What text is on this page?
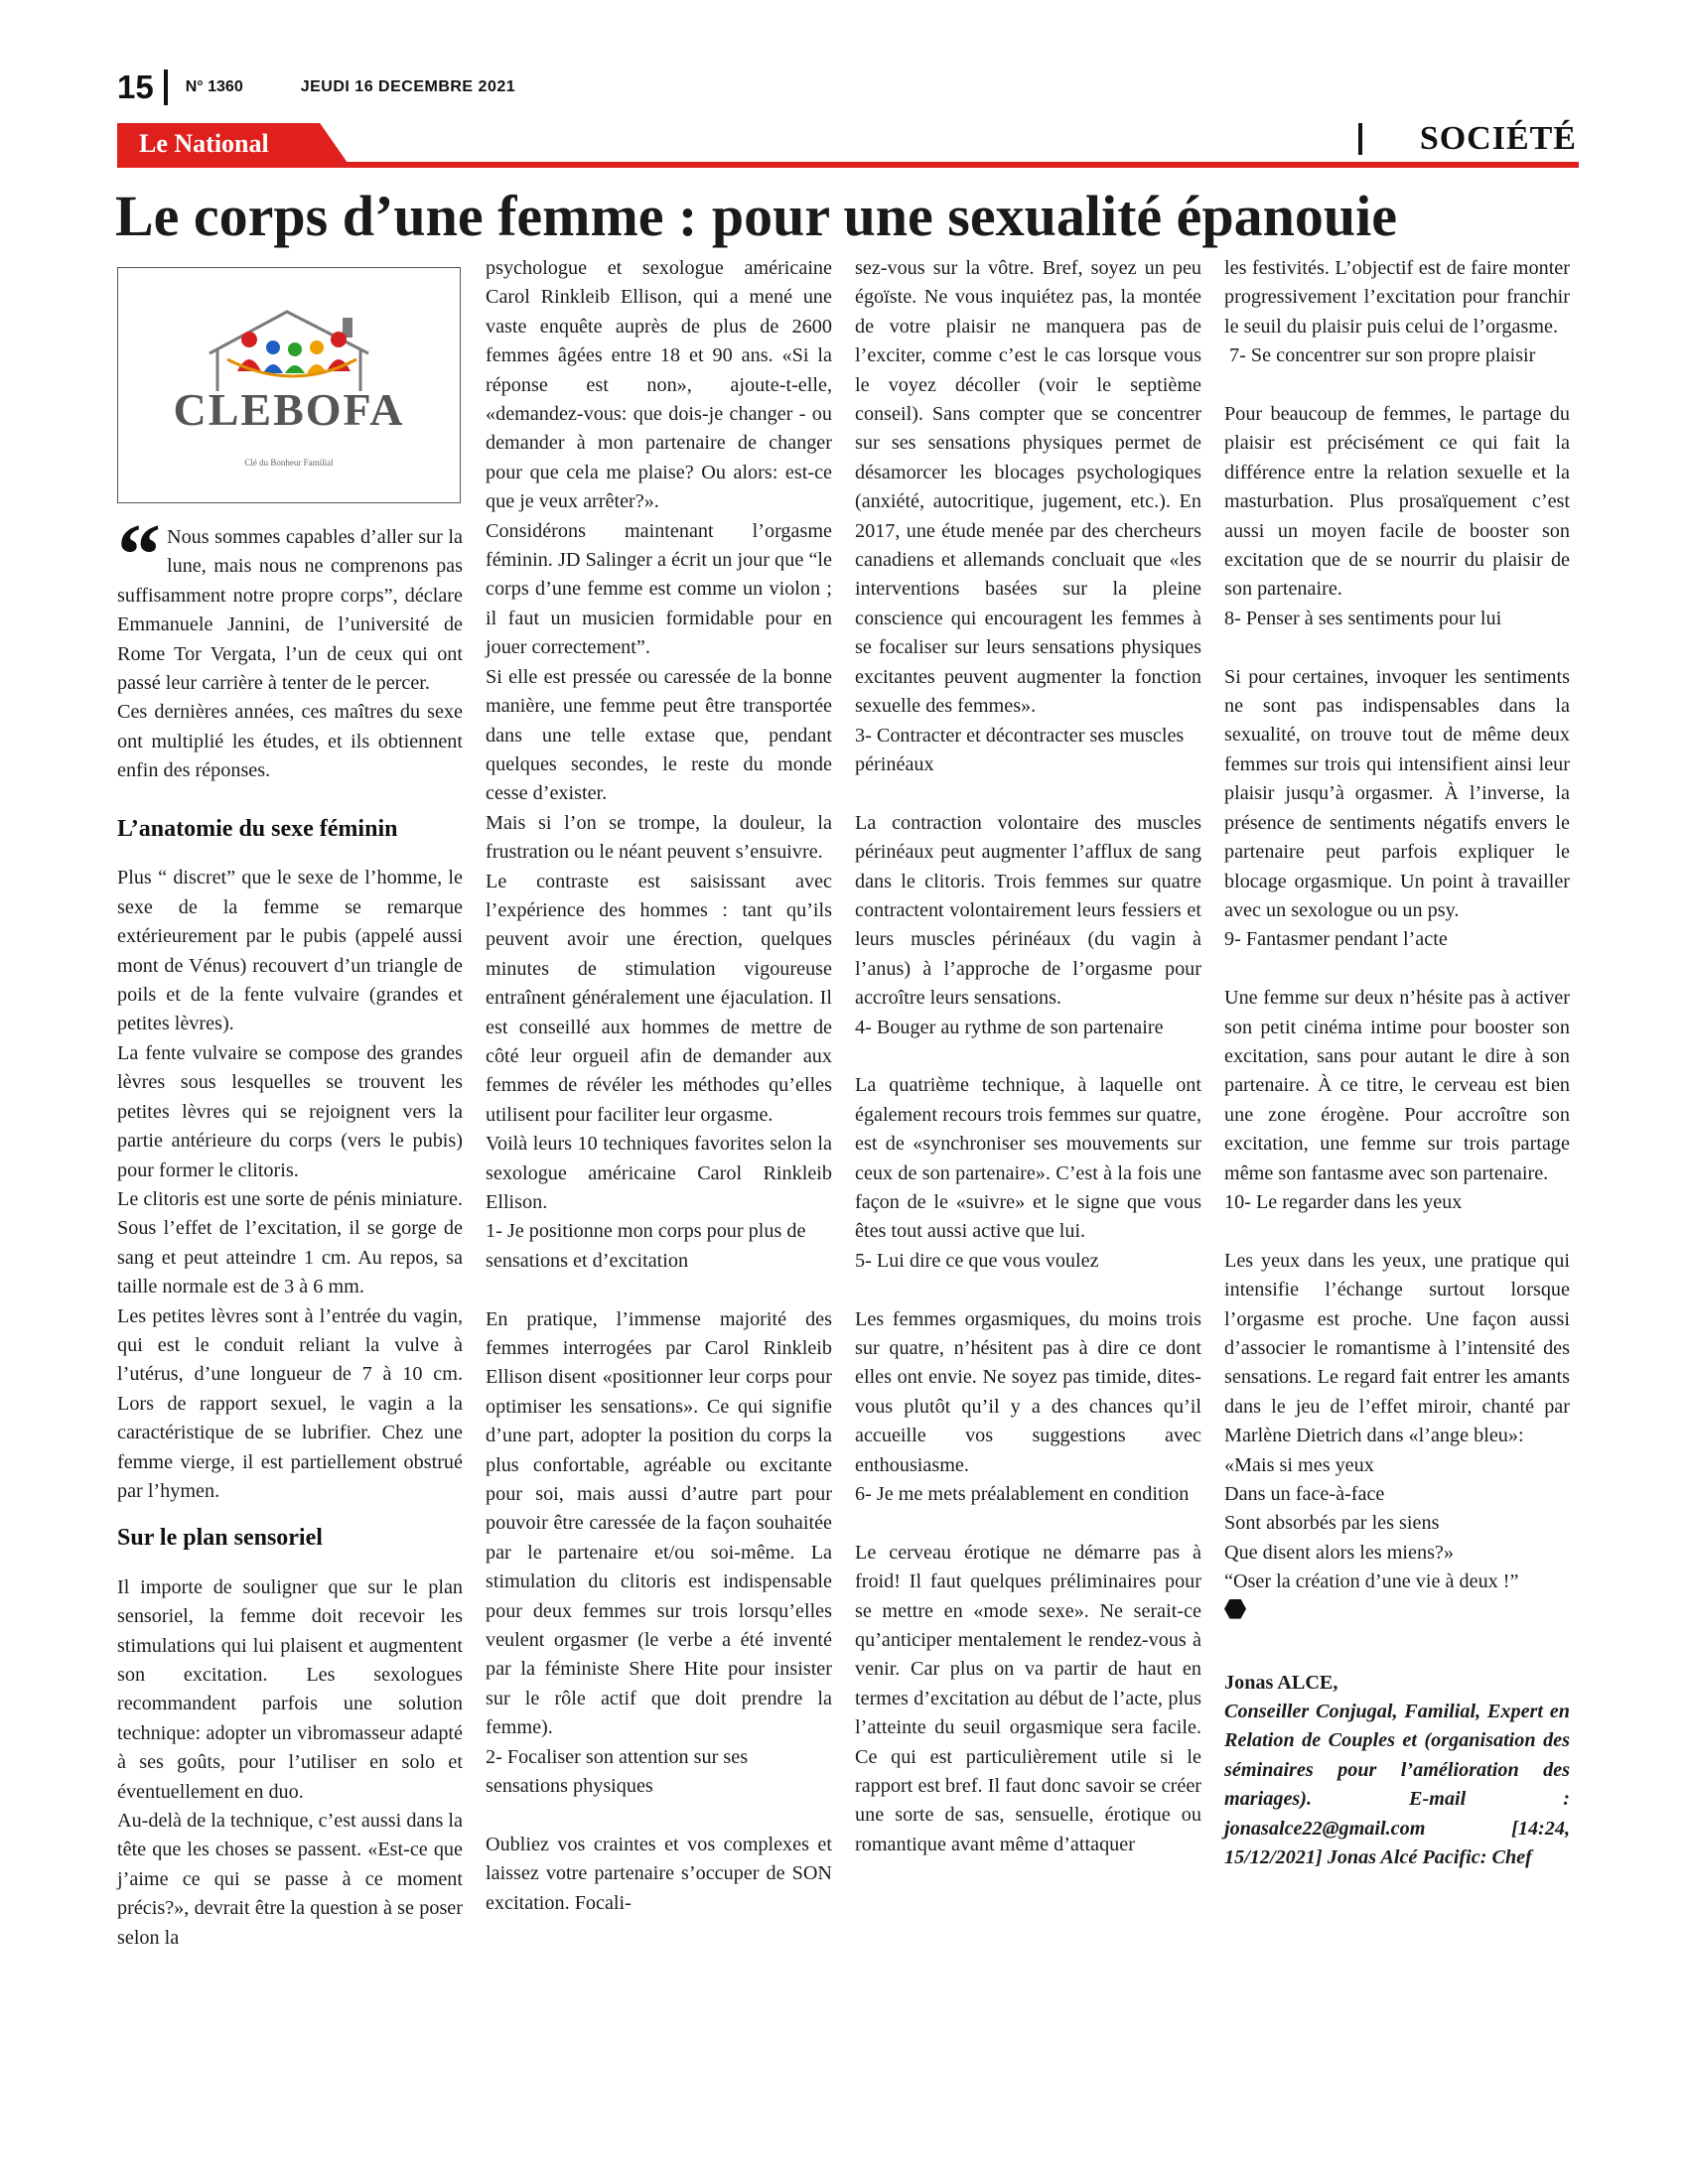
15 N° 1360	JEUDI 16 DECEMBRE 2021
Le National	SOCIÉTÉ
Le corps d’une femme : pour une sexualité épanouie
CLEBOFA
Clé du Bonheur Familial

“ Nous sommes capables d’aller sur la lune, mais nous ne comprenons pas suffisamment notre propre corps”, déclare Emmanuele Jannini, de l’université de Rome Tor Vergata, l’un de ceux qui ont passé leur carrière à tenter de le percer.

Ces dernières années, ces maîtres du sexe ont multiplié les études, et ils obtiennent enfin des réponses.

L’anatomie du sexe féminin

Plus “ discret” que le sexe de l’homme, le sexe de la femme se remarque extérieurement par le pubis (appelé aussi mont de Vénus) recouvert d’un triangle de poils et de la fente vulvaire (grandes et petites lèvres).

La fente vulvaire se compose des grandes lèvres sous lesquelles se trouvent les petites lèvres qui se rejoignent vers la partie antérieure du corps (vers le pubis) pour former le clitoris.

Le clitoris est une sorte de pénis miniature. Sous l’effet de l’excitation, il se gorge de sang et peut atteindre 1 cm. Au repos, sa taille normale est de 3 à 6 mm.

Les petites lèvres sont à l’entrée du vagin, qui est le conduit reliant la vulve à l’utérus, d’une longueur de 7 à 10 cm. Lors de rapport sexuel, le vagin a la caractéristique de se lubrifier. Chez une femme vierge, il est partiellement obstrué par l’hymen.

Sur le plan sensoriel

Il importe de souligner que sur le plan sensoriel, la femme doit recevoir les stimulations qui lui plaisent et augmentent son excitation. Les sexologues recommandent parfois une solution technique: adopter un vibromasseur adapté à ses goûts, pour l’utiliser en solo et éventuellement en duo.

Au-delà de la technique, c’est aussi dans la tête que les choses se passent. «Est-ce que j’aime ce qui se passe à ce moment précis?», devrait être la question à se poser selon la

psychologue et sexologue américaine Carol Rinkleib Ellison, qui a mené une vaste enquête auprès de plus de 2600 femmes âgées entre 18 et 90 ans. «Si la réponse est non», ajoute-t-elle, «demandez-vous: que dois-je changer - ou demander à mon partenaire de changer pour que cela me plaise? Ou alors: est-ce que je veux arrêter?».

Considérons maintenant l’orgasme féminin. JD Salinger a écrit un jour que “le corps d’une femme est comme un violon ; il faut un musicien formidable pour en jouer correctement”.

Si elle est pressée ou caressée de la bonne manière, une femme peut être transportée dans une telle extase que, pendant quelques secondes, le reste du monde cesse d’exister.

Mais si l’on se trompe, la douleur, la frustration ou le néant peuvent s’ensuivre.

Le contraste est saisissant avec l’expérience des hommes : tant qu’ils peuvent avoir une érection, quelques minutes de stimulation vigoureuse entraînent généralement une éjaculation. Il est conseillé aux hommes de mettre de côté leur orgueil afin de demander aux femmes de révéler les méthodes qu’elles utilisent pour faciliter leur orgasme.

Voilà leurs 10 techniques favorites selon la sexologue américaine Carol Rinkleib Ellison.

1- Je positionne mon corps pour plus de sensations et d’excitation

En pratique, l’immense majorité des femmes interrogées par Carol Rinkleib Ellison disent «positionner leur corps pour optimiser les sensations». Ce qui signifie d’une part, adopter la position du corps la plus confortable, agréable ou excitante pour soi, mais aussi d’autre part pour pouvoir être caressée de la façon souhaitée par le partenaire et/ou soi-même. La stimulation du clitoris est indispensable pour deux femmes sur trois lorsqu’elles veulent orgasmer (le verbe a été inventé par la féministe Shere Hite pour insister sur le rôle actif que doit prendre la femme).

2- Focaliser son attention sur ses sensations physiques

Oubliez vos craintes et vos complexes et laissez votre partenaire s’occuper de SON excitation. Focali-

sez-vous sur la vôtre. Bref, soyez un peu égoïste. Ne vous inquiétez pas, la montée de votre plaisir ne manquera pas de l’exciter, comme c’est le cas lorsque vous le voyez décoller (voir le septième conseil). Sans compter que se concentrer sur ses sensations physiques permet de désamorcer les blocages psychologiques (anxiété, autocritique, jugement, etc.). En 2017, une étude menée par des chercheurs canadiens et allemands concluait que «les interventions basées sur la pleine conscience qui encouragent les femmes à se focaliser sur leurs sensations physiques excitantes peuvent augmenter la fonction sexuelle des femmes».

3- Contracter et décontracter ses muscles périnéaux

La contraction volontaire des muscles périnéaux peut augmenter l’afflux de sang dans le clitoris. Trois femmes sur quatre contractent volontairement leurs fessiers et leurs muscles périnéaux (du vagin à l’anus) à l’approche de l’orgasme pour accroître leurs sensations.

4- Bouger au rythme de son partenaire

La quatrième technique, à laquelle ont également recours trois femmes sur quatre, est de «synchroniser ses mouvements sur ceux de son partenaire». C’est à la fois une façon de le «suivre» et le signe que vous êtes tout aussi active que lui.

5- Lui dire ce que vous voulez

Les femmes orgasmiques, du moins trois sur quatre, n’hésitent pas à dire ce dont elles ont envie. Ne soyez pas timide, dites-vous plutôt qu’il y a des chances qu’il accueille vos suggestions avec enthousiasme.

6- Je me mets préalablement en condition

Le cerveau érotique ne démarre pas à froid! Il faut quelques préliminaires pour se mettre en «mode sexe». Ne serait-ce qu’anticiper mentalement le rendez-vous à venir. Car plus on va partir de haut en termes d’excitation au début de l’acte, plus l’atteinte du seuil orgasmique sera facile. Ce qui est particulièrement utile si le rapport est bref. Il faut donc savoir se créer une sorte de sas, sensuelle, érotique ou romantique avant même d’attaquer

les festivités. L’objectif est de faire monter progressivement l’excitation pour franchir le seuil du plaisir puis celui de l’orgasme.

7- Se concentrer sur son propre plaisir

Pour beaucoup de femmes, le partage du plaisir est précisément ce qui fait la différence entre la relation sexuelle et la masturbation. Plus prosaïquement c’est aussi un moyen facile de booster son excitation que de se nourrir du plaisir de son partenaire.

8- Penser à ses sentiments pour lui

Si pour certaines, invoquer les sentiments ne sont pas indispensables dans la sexualité, on trouve tout de même deux femmes sur trois qui intensifient ainsi leur plaisir jusqu’à orgasmer. À l’inverse, la présence de sentiments négatifs envers le partenaire peut parfois expliquer le blocage orgasmique. Un point à travailler avec un sexologue ou un psy.

9- Fantasmer pendant l’acte

Une femme sur deux n’hésite pas à activer son petit cinéma intime pour booster son excitation, sans pour autant le dire à son partenaire. À ce titre, le cerveau est bien une zone érogène. Pour accroître son excitation, une femme sur trois partage même son fantasme avec son partenaire.

10- Le regarder dans les yeux

Les yeux dans les yeux, une pratique qui intensifie l’échange surtout lorsque l’orgasme est proche. Une façon aussi d’associer le romantisme à l’intensité des sensations. Le regard fait entrer les amants dans le jeu de l’effet miroir, chanté par Marlène Dietrich dans «l’ange bleu»:

«Mais si mes yeux

Dans un face-à-face

Sont absorbés par les siens

Que disent alors les miens?»

“Oser la création d’une vie à deux !”

Jonas ALCE,

Conseiller Conjugal, Familial, Expert en Relation de Couples et (organisation des séminaires pour l’amélioration des mariages). E-mail : jonasalce22@gmail.com [14:24, 15/12/2021] Jonas Alcé Pacific: Chef
